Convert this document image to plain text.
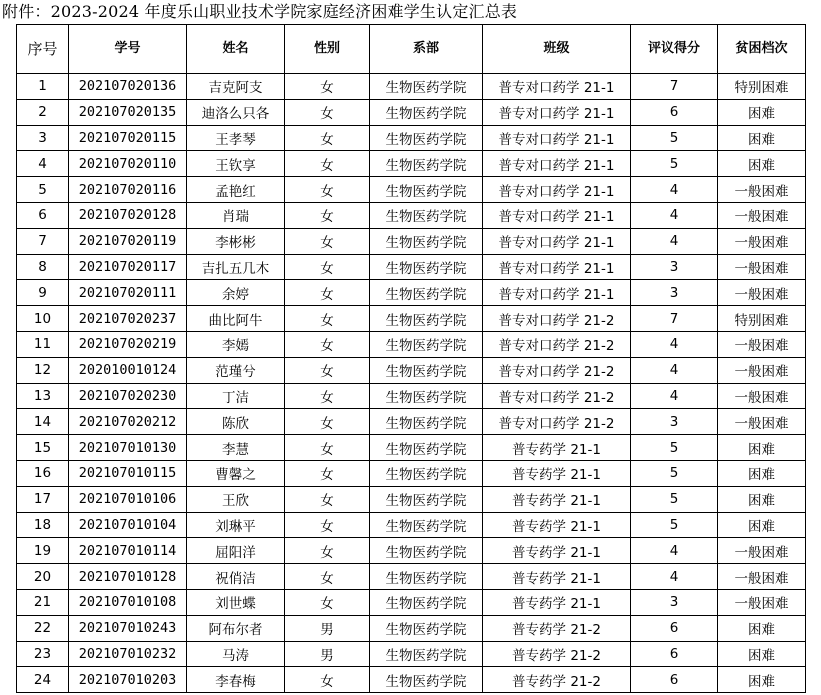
附件：2023-2024 年度乐山职业技术学院家庭经济困难学生认定汇总表
序号	学号	姓名	性别	系部	班级	评议得分	贫困档次
1	202107020136	吉克阿支	女	生物医药学院	普专对口药学 21-1	7	特别困难
2	202107020135	迪洛么只各	女	生物医药学院	普专对口药学 21-1	6	困难
3	202107020115	王孝琴	女	生物医药学院	普专对口药学 21-1	5	困难
4	202107020110	王钦享	女	生物医药学院	普专对口药学 21-1	5	困难
5	202107020116	孟艳红	女	生物医药学院	普专对口药学 21-1	4	一般困难
6	202107020128	肖瑞	女	生物医药学院	普专对口药学 21-1	4	一般困难
7	202107020119	李彬彬	女	生物医药学院	普专对口药学 21-1	4	一般困难
8	202107020117	吉扎五几木	女	生物医药学院	普专对口药学 21-1	3	一般困难
9	202107020111	余婷	女	生物医药学院	普专对口药学 21-1	3	一般困难
10	202107020237	曲比阿牛	女	生物医药学院	普专对口药学 21-2	7	特别困难
11	202107020219	李嫣	女	生物医药学院	普专对口药学 21-2	4	一般困难
12	202010010124	范瑾兮	女	生物医药学院	普专对口药学 21-2	4	一般困难
13	202107020230	丁洁	女	生物医药学院	普专对口药学 21-2	4	一般困难
14	202107020212	陈欣	女	生物医药学院	普专对口药学 21-2	3	一般困难
15	202107010130	李慧	女	生物医药学院	普专药学 21-1	5	困难
16	202107010115	曹馨之	女	生物医药学院	普专药学 21-1	5	困难
17	202107010106	王欣	女	生物医药学院	普专药学 21-1	5	困难
18	202107010104	刘琳平	女	生物医药学院	普专药学 21-1	5	困难
19	202107010114	屈阳洋	女	生物医药学院	普专药学 21-1	4	一般困难
20	202107010128	祝俏洁	女	生物医药学院	普专药学 21-1	4	一般困难
21	202107010108	刘世蝶	女	生物医药学院	普专药学 21-1	3	一般困难
22	202107010243	阿布尔者	男	生物医药学院	普专药学 21-2	6	困难
23	202107010232	马涛	男	生物医药学院	普专药学 21-2	6	困难
24	202107010203	李春梅	女	生物医药学院	普专药学 21-2	6	困难
